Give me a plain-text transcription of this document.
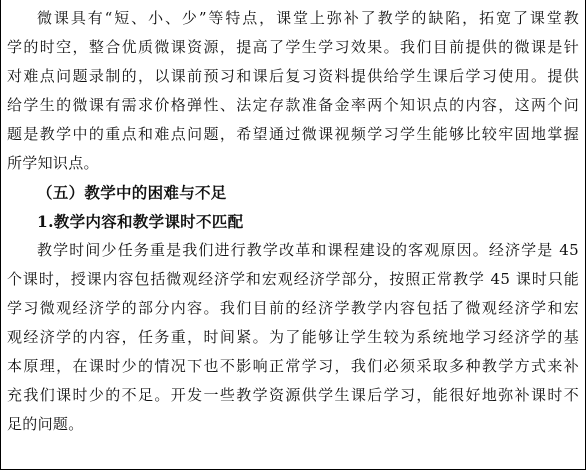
微课具有“短、小、少”等特点，课堂上弥补了教学的缺陷，拓宽了课堂教
学的时空，整合优质微课资源，提高了学生学习效果。我们目前提供的微课是针
对难点问题录制的，以课前预习和课后复习资料提供给学生课后学习使用。提供
给学生的微课有需求价格弹性、法定存款准备金率两个知识点的内容，这两个问
题是教学中的重点和难点问题，希望通过微课视频学习学生能够比较牢固地掌握
所学知识点。
（五）教学中的困难与不足
1.教学内容和教学课时不匹配
教学时间少任务重是我们进行教学改革和课程建设的客观原因。经济学是 45
个课时，授课内容包括微观经济学和宏观经济学部分，按照正常教学 45 课时只能
学习微观经济学的部分内容。我们目前的经济学教学内容包括了微观经济学和宏
观经济学的内容，任务重，时间紧。为了能够让学生较为系统地学习经济学的基
本原理，在课时少的情况下也不影响正常学习，我们必须采取多种教学方式来补
充我们课时少的不足。开发一些教学资源供学生课后学习，能很好地弥补课时不
足的问题。
